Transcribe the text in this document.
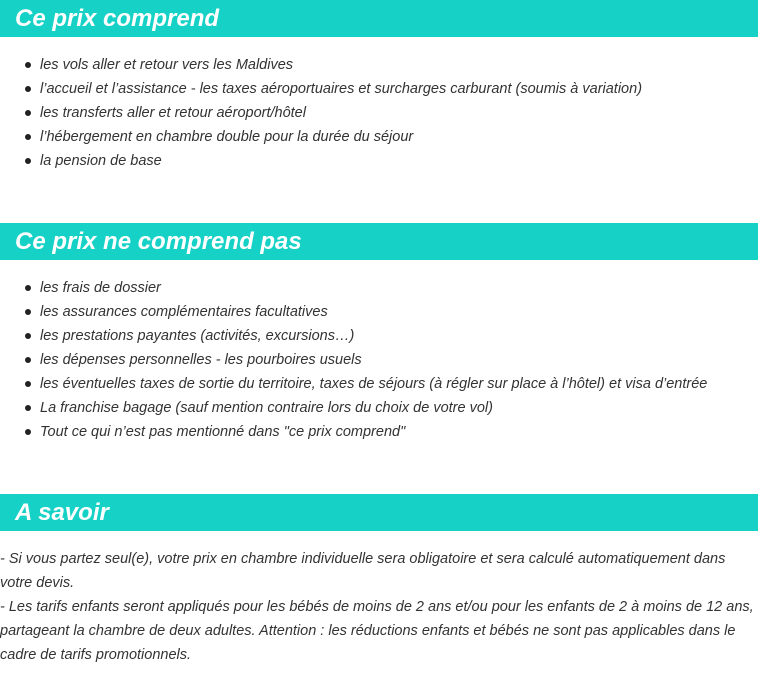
Ce prix comprend
les vols aller et retour vers les Maldives
l’accueil et l’assistance - les taxes aéroportuaires et surcharges carburant (soumis à variation)
les transferts aller et retour aéroport/hôtel
l’hébergement en chambre double pour la durée du séjour
la pension de base
Ce prix ne comprend pas
les frais de dossier
les assurances complémentaires facultatives
les prestations payantes (activités, excursions…)
les dépenses personnelles - les pourboires usuels
les éventuelles taxes de sortie du territoire, taxes de séjours (à régler sur place à l’hôtel) et visa d’entrée
La franchise bagage (sauf mention contraire lors du choix de votre vol)
Tout ce qui n’est pas mentionné dans "ce prix comprend"
A savoir

- Si vous partez seul(e), votre prix en chambre individuelle sera obligatoire et sera calculé automatiquement dans votre devis.

- Les tarifs enfants seront appliqués pour les bébés de moins de 2 ans et/ou pour les enfants de 2 à moins de 12 ans, partageant la chambre de deux adultes. Attention : les réductions enfants et bébés ne sont pas applicables dans le cadre de tarifs promotionnels.
